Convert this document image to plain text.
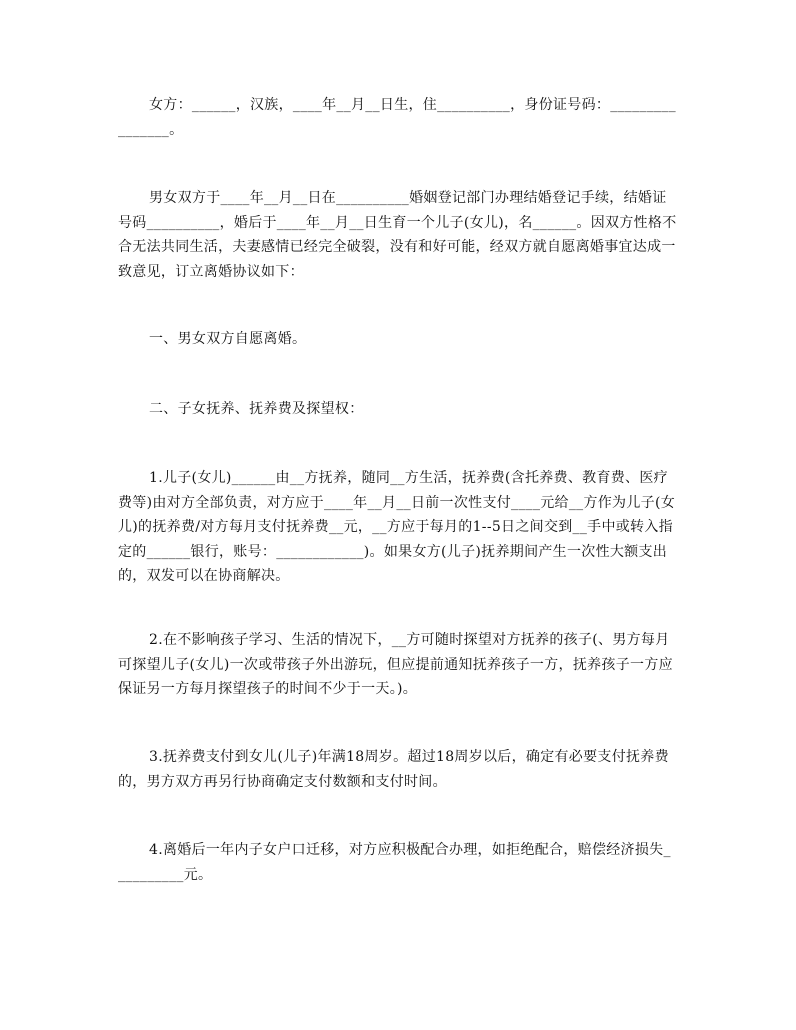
女方：______，汉族，____年__月__日生，住__________，身份证号码：________________。

男女双方于____年__月__日在__________婚姻登记部门办理结婚登记手续，结婚证号码__________，婚后于____年__月__日生育一个儿子(女儿)，名______。因双方性格不合无法共同生活，夫妻感情已经完全破裂，没有和好可能，经双方就自愿离婚事宜达成一致意见，订立离婚协议如下：

一、男女双方自愿离婚。

二、子女抚养、抚养费及探望权：

1.儿子(女儿)______由__方抚养，随同__方生活，抚养费(含托养费、教育费、医疗费等)由对方全部负责，对方应于____年__月__日前一次性支付____元给__方作为儿子(女儿)的抚养费/对方每月支付抚养费__元，__方应于每月的1--5日之间交到__手中或转入指定的______银行，账号：____________)。如果女方(儿子)抚养期间产生一次性大额支出的，双发可以在协商解决。

2.在不影响孩子学习、生活的情况下，__方可随时探望对方抚养的孩子(、男方每月可探望儿子(女儿)一次或带孩子外出游玩，但应提前通知抚养孩子一方，抚养孩子一方应保证另一方每月探望孩子的时间不少于一天。)。

3.抚养费支付到女儿(儿子)年满18周岁。超过18周岁以后，确定有必要支付抚养费的，男方双方再另行协商确定支付数额和支付时间。

4.离婚后一年内子女户口迁移，对方应积极配合办理，如拒绝配合，赔偿经济损失__________元。
